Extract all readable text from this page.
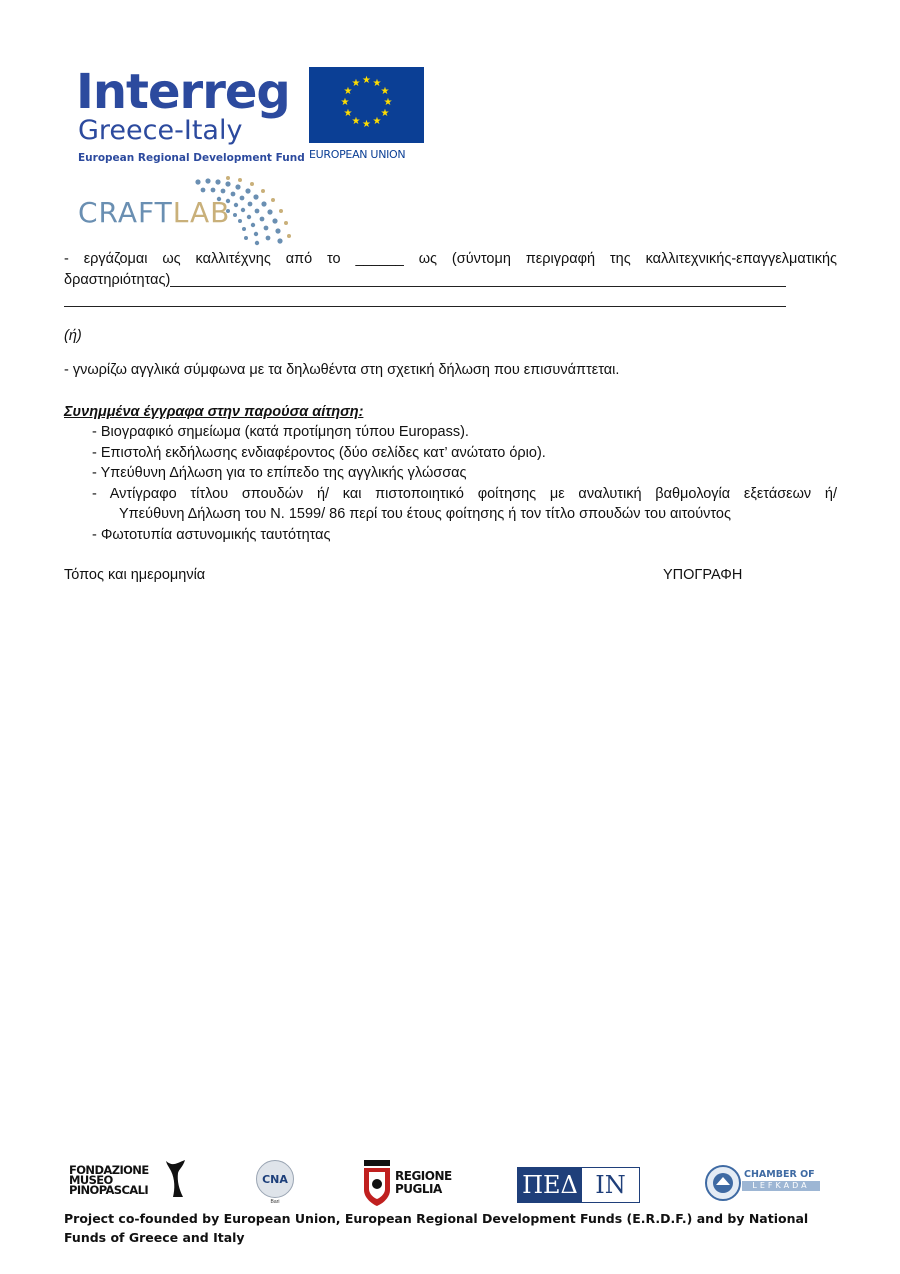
Interreg
Greece-Italy
European Regional Development Fund
★ ★
★
★
★
★
★
★
★
★
★
★
EUROPEAN UNION
CRAFTLAB
- εργάζομαι ως καλλιτέχνης από το ______ ως (σύντομη περιγραφή της καλλιτεχνικής-επαγγελματικής
δραστηριότητας)
(ή)
- γνωρίζω αγγλικά σύμφωνα με τα δηλωθέντα στη σχετική δήλωση που επισυνάπτεται.
Συνημμένα έγγραφα στην παρούσα αίτηση:
- Βιογραφικό σημείωμα (κατά προτίμηση τύπου Europass).
- Επιστολή εκδήλωσης ενδιαφέροντος (δύο σελίδες κατ’ ανώτατο όριο).
- Υπεύθυνη Δήλωση για το επίπεδο της αγγλικής γλώσσας
- Αντίγραφο τίτλου σπουδών ή/ και πιστοποιητικό φοίτησης με αναλυτική βαθμολογία εξετάσεων ή/
Υπεύθυνη Δήλωση του Ν. 1599/ 86 περί του έτους φοίτησης ή τον τίτλο σπουδών του αιτούντος
- Φωτοτυπία αστυνομικής ταυτότητας
Τόπος και ημερομηνία	ΥΠΟΓΡΑΦΗ
FONDAZIONE
MUSEO
PINOPASCALI
CNA
Bari
REGIONE
PUGLIA	ΠΕΔ ΙΝ	CHAMBER OF
LEFKADA
Project co-founded by European Union, European Regional Development Funds (E.R.D.F.) and by National Funds of Greece and Italy
